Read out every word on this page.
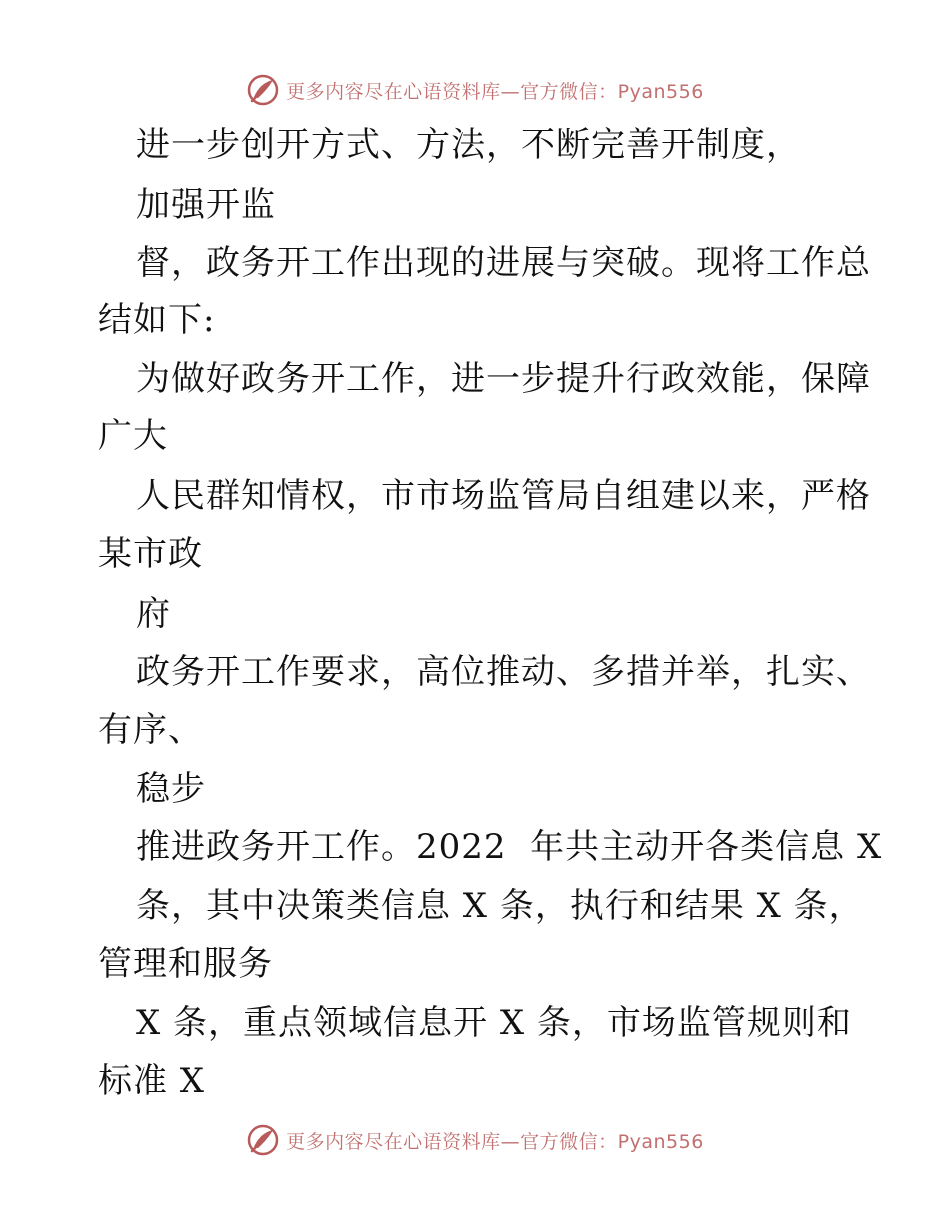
更多内容尽在心语资料库—官方微信：Pyan556
进一步创开方式、方法，不断完善开制度，
加强开监
督，政务开工作出现的进展与突破。现将工作总
结如下:
为做好政务开工作，进一步提升行政效能，保障
广大
人民群知情权，市市场监管局自组建以来，严格
某市政
府
政务开工作要求，高位推动、多措并举，扎实、
有序、
稳步
推进政务开工作。2022  年共主动开各类信息 X
条，其中决策类信息 X 条，执行和结果 X 条，
管理和服务
X 条，重点领域信息开 X 条，市场监管规则和
标准 X
更多内容尽在心语资料库—官方微信：Pyan556
